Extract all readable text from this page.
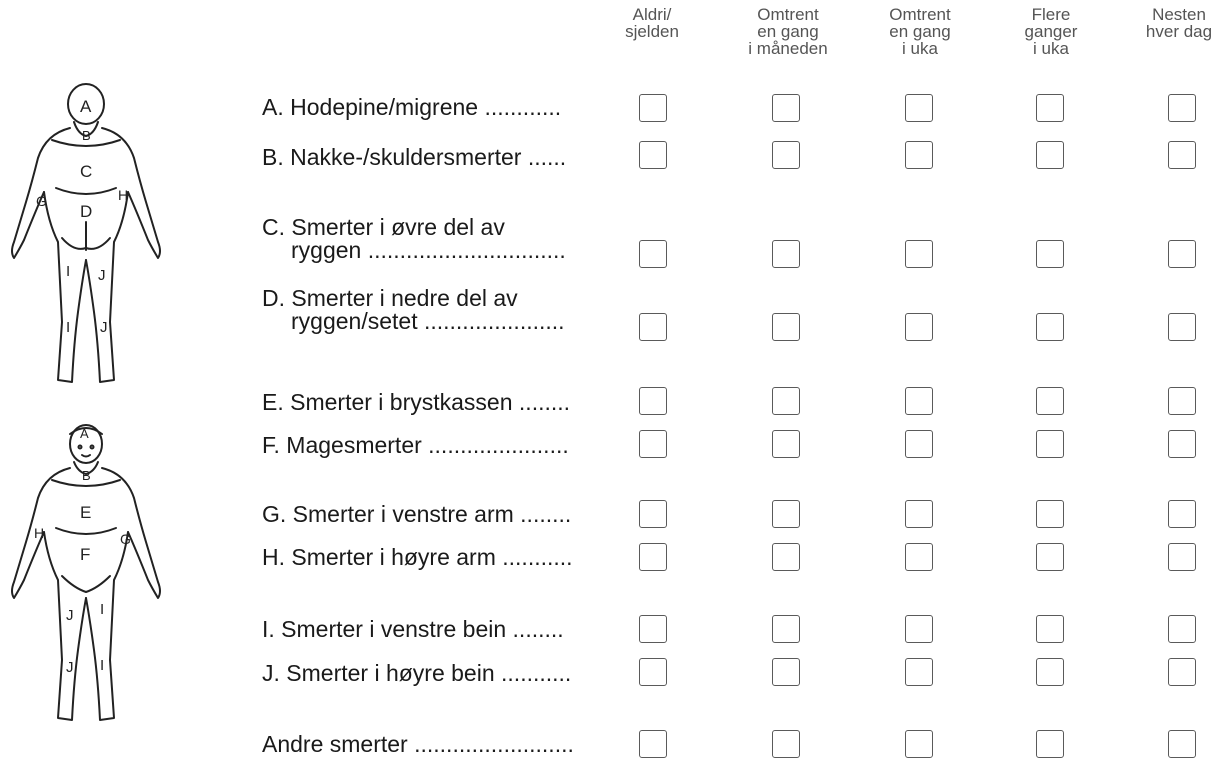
Aldri/
sjelden
Omtrent
en gang
i måneden
Omtrent
en gang
i uka
Flere
ganger
i uka
Nesten
hver dag
A. Hodepine/migrene ............
B. Nakke-/skuldersmerter ......
C. Smerter i øvre del av
ryggen ...............................
D. Smerter i nedre del av
ryggen/setet ......................
E. Smerter i brystkassen ........
F. Magesmerter ......................
G. Smerter i venstre arm ........
H. Smerter i høyre arm ...........
I. Smerter i venstre bein ........
J. Smerter i høyre bein ...........
Andre smerter .........................
A
B
C
D
G	H
I
I
J
J
A
B
E
F
H	G
J
J
I
I
